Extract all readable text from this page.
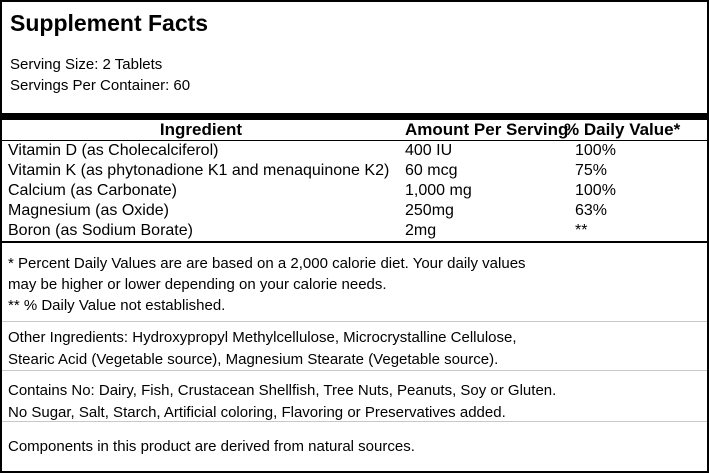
Supplement Facts
Serving Size: 2 Tablets
Servings Per Container: 60
Ingredient	Amount Per Serving	% Daily Value*
Vitamin D (as Cholecalciferol)	400 IU	100%
Vitamin K (as phytonadione K1 and menaquinone K2)	60 mcg	75%
Calcium (as Carbonate)	1,000 mg	100%
Magnesium (as Oxide)	250mg	63%
Boron (as Sodium Borate)	2mg	**
* Percent Daily Values are are based on a 2,000 calorie diet. Your daily values
may be higher or lower depending on your calorie needs.
** % Daily Value not established.
Other Ingredients: Hydroxypropyl Methylcellulose, Microcrystalline Cellulose,
Stearic Acid (Vegetable source), Magnesium Stearate (Vegetable source).
Contains No: Dairy, Fish, Crustacean Shellfish, Tree Nuts, Peanuts, Soy or Gluten.
No Sugar, Salt, Starch, Artificial coloring, Flavoring or Preservatives added.
Components in this product are derived from natural sources.
